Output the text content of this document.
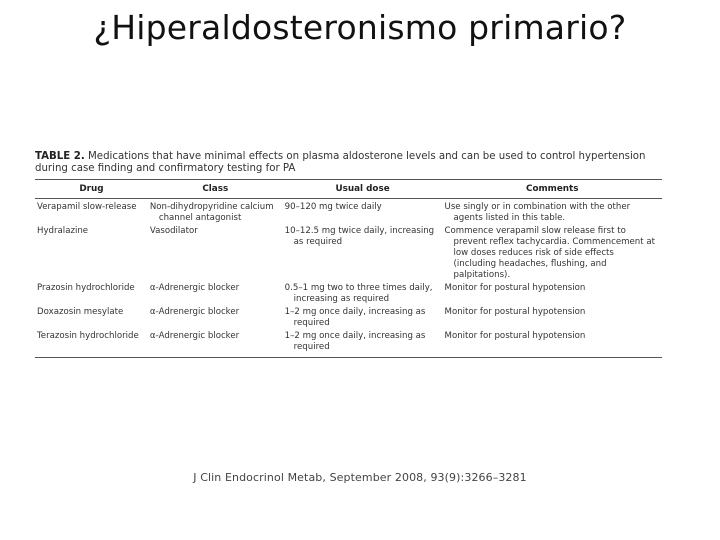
¿Hiperaldosteronismo primario?
TABLE 2. Medications that have minimal effects on plasma aldosterone levels and can be used to control hypertension during case finding and confirmatory testing for PA
Drug	Class	Usual dose	Comments

Verapamil slow-release	Non-dihydropyridine calcium channel antagonist	90–120 mg twice daily	Use singly or in combination with the other agents listed in this table.

Hydralazine	Vasodilator	10–12.5 mg twice daily, increasing as required	Commence verapamil slow release first to prevent reflex tachycardia. Commencement at low doses reduces risk of side effects (including headaches, flushing, and palpitations).

Prazosin hydrochloride	α-Adrenergic blocker	0.5–1 mg two to three times daily, increasing as required	Monitor for postural hypotension

Doxazosin mesylate	α-Adrenergic blocker	1–2 mg once daily, increasing as required	Monitor for postural hypotension

Terazosin hydrochloride	α-Adrenergic blocker	1–2 mg once daily, increasing as required	Monitor for postural hypotension
J Clin Endocrinol Metab, September 2008, 93(9):3266–3281
